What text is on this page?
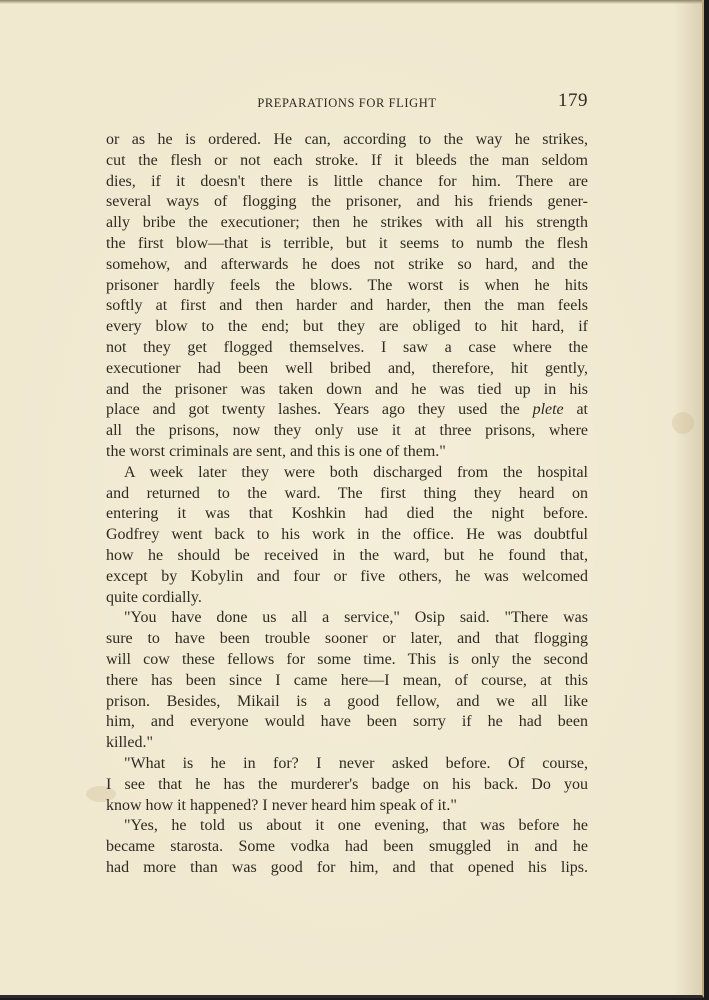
PREPARATIONS FOR FLIGHT	179
or as he is ordered. He can, according to the way he strikes,
cut the flesh or not each stroke. If it bleeds the man seldom
dies, if it doesn't there is little chance for him. There are
several ways of flogging the prisoner, and his friends gener-
ally bribe the executioner; then he strikes with all his strength
the first blow—that is terrible, but it seems to numb the flesh
somehow, and afterwards he does not strike so hard, and the
prisoner hardly feels the blows. The worst is when he hits
softly at first and then harder and harder, then the man feels
every blow to the end; but they are obliged to hit hard, if
not they get flogged themselves. I saw a case where the
executioner had been well bribed and, therefore, hit gently,
and the prisoner was taken down and he was tied up in his
place and got twenty lashes. Years ago they used the plete at
all the prisons, now they only use it at three prisons, where
the worst criminals are sent, and this is one of them."
A week later they were both discharged from the hospital
and returned to the ward. The first thing they heard on
entering it was that Koshkin had died the night before.
Godfrey went back to his work in the office. He was doubtful
how he should be received in the ward, but he found that,
except by Kobylin and four or five others, he was welcomed
quite cordially.
"You have done us all a service," Osip said. "There was
sure to have been trouble sooner or later, and that flogging
will cow these fellows for some time. This is only the second
there has been since I came here—I mean, of course, at this
prison. Besides, Mikail is a good fellow, and we all like
him, and everyone would have been sorry if he had been
killed."
"What is he in for? I never asked before. Of course,
I see that he has the murderer's badge on his back. Do you
know how it happened? I never heard him speak of it."
"Yes, he told us about it one evening, that was before he
became starosta. Some vodka had been smuggled in and he
had more than was good for him, and that opened his lips.
